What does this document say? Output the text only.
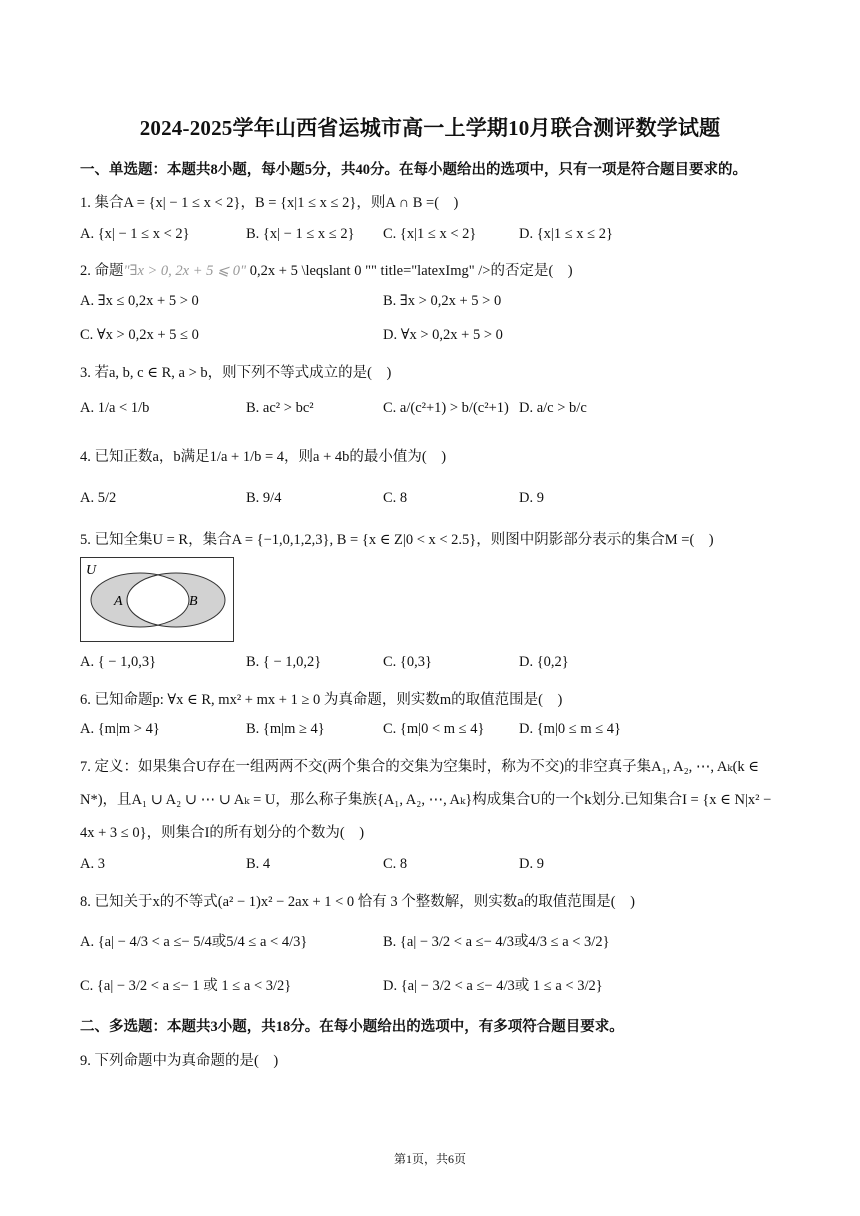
2024-2025学年山西省运城市高一上学期10月联合测评数学试题
一、单选题：本题共8小题，每小题5分，共40分。在每小题给出的选项中，只有一项是符合题目要求的。
1. 集合A = {x| − 1 ≤ x < 2}，B = {x|1 ≤ x ≤ 2}，则A ∩ B =(　)
A. {x| − 1 ≤ x < 2}	B. {x| − 1 ≤ x ≤ 2} C. {x|1 ≤ x < 2}	D. {x|1 ≤ x ≤ 2}
2. 命题"∃x > 0, 2x + 5 ⩽ 0" 0,2x + 5 \leqslant 0 "" title="latexImg" />的否定是(　)
A. ∃x ≤ 0,2x + 5 > 0	B. ∃x > 0,2x + 5 > 0
C. ∀x > 0,2x + 5 ≤ 0	D. ∀x > 0,2x + 5 > 0
3. 若a, b, c ∈ R, a > b，则下列不等式成立的是(　)
A. 1/a < 1/b	B. ac² > bc²	C. a/(c²+1) > b/(c²+1) D. a/c > b/c
4. 已知正数a，b满足1/a + 1/b = 4，则a + 4b的最小值为(　)
A. 5/2	B. 9/4	C. 8	D. 9
5. 已知全集U = R，集合A = {−1,0,1,2,3}, B = {x ∈ Z|0 < x < 2.5}，则图中阴影部分表示的集合M =(　)
U
A	B
A. { − 1,0,3}	B. { − 1,0,2}	C. {0,3}	D. {0,2}
6. 已知命题p: ∀x ∈ R, mx² + mx + 1 ≥ 0 为真命题，则实数m的取值范围是(　)
A. {m|m > 4}	B. {m|m ≥ 4}	C. {m|0 < m ≤ 4} D. {m|0 ≤ m ≤ 4}
7. 定义：如果集合U存在一组两两不交(两个集合的交集为空集时，称为不交)的非空真子集A₁, A₂, ⋯, Aₖ(k ∈
N*)，且A₁ ∪ A₂ ∪ ⋯ ∪ Aₖ = U，那么称子集族{A₁, A₂, ⋯, Aₖ}构成集合U的一个k划分.已知集合I = {x ∈ N|x² −
4x + 3 ≤ 0}，则集合I的所有划分的个数为(　)
A. 3	B. 4	C. 8	D. 9
8. 已知关于x的不等式(a² − 1)x² − 2ax + 1 < 0 恰有 3 个整数解，则实数a的取值范围是(　)
A. {a| − 4/3 < a ≤− 5/4或5/4 ≤ a < 4/3}	B. {a| − 3/2 < a ≤− 4/3或4/3 ≤ a < 3/2}
C. {a| − 3/2 < a ≤− 1 或 1 ≤ a < 3/2}	D. {a| − 3/2 < a ≤− 4/3或 1 ≤ a < 3/2}
二、多选题：本题共3小题，共18分。在每小题给出的选项中，有多项符合题目要求。
9. 下列命题中为真命题的是(　)
第1页，共6页
